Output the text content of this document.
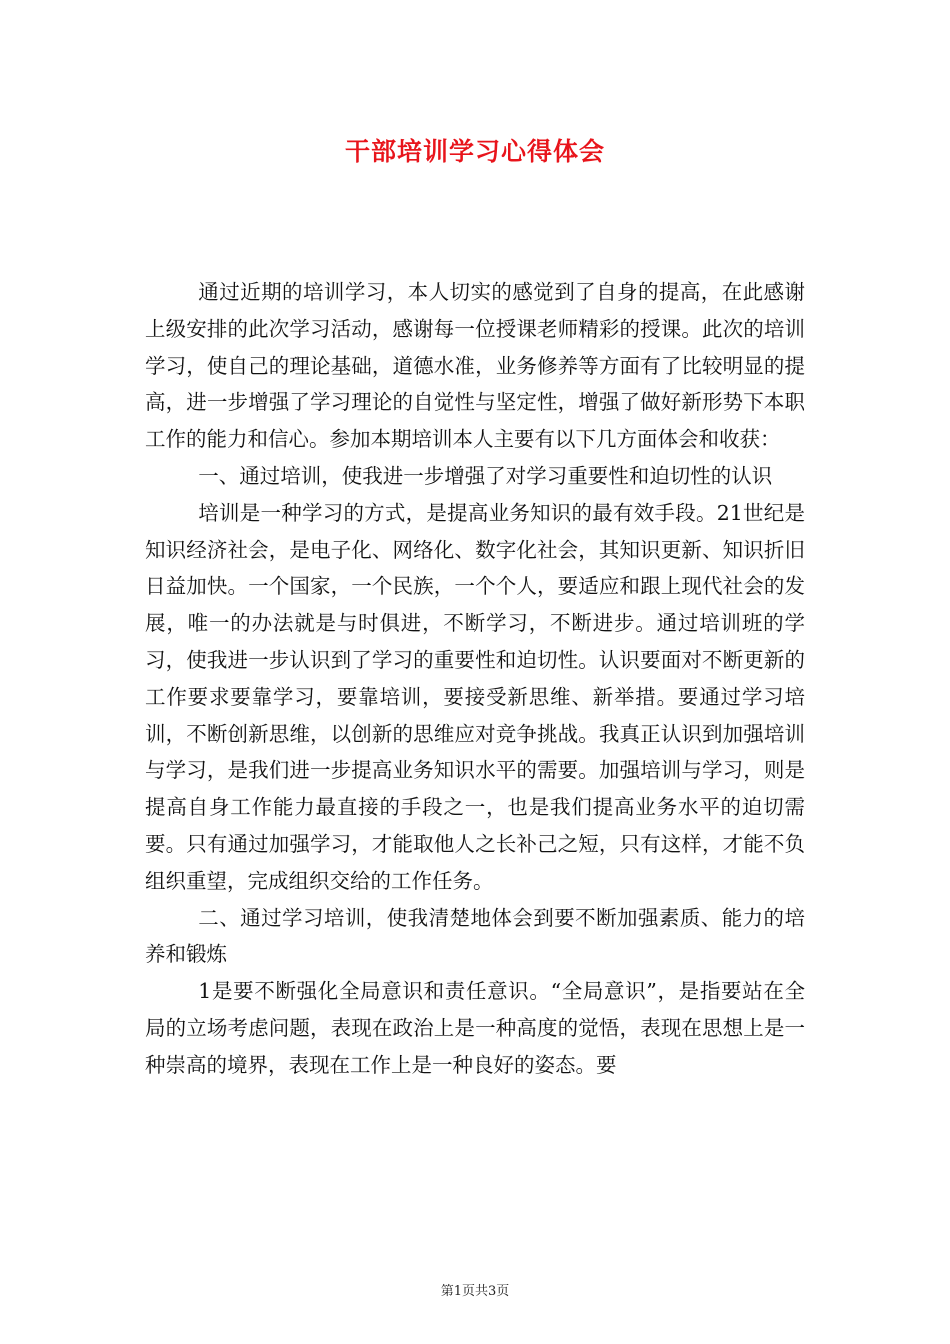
干部培训学习心得体会

通过近期的培训学习，本人切实的感觉到了自身的提高，在此感谢上级安排的此次学习活动，感谢每一位授课老师精彩的授课。此次的培训学习，使自己的理论基础，道德水准，业务修养等方面有了比较明显的提高，进一步增强了学习理论的自觉性与坚定性，增强了做好新形势下本职工作的能力和信心。参加本期培训本人主要有以下几方面体会和收获：

一、通过培训，使我进一步增强了对学习重要性和迫切性的认识

培训是一种学习的方式，是提高业务知识的最有效手段。21世纪是知识经济社会，是电子化、网络化、数字化社会，其知识更新、知识折旧日益加快。一个国家，一个民族，一个个人，要适应和跟上现代社会的发展，唯一的办法就是与时俱进，不断学习，不断进步。通过培训班的学习，使我进一步认识到了学习的重要性和迫切性。认识要面对不断更新的工作要求要靠学习，要靠培训，要接受新思维、新举措。要通过学习培训，不断创新思维，以创新的思维应对竞争挑战。我真正认识到加强培训与学习，是我们进一步提高业务知识水平的需要。加强培训与学习，则是提高自身工作能力最直接的手段之一，也是我们提高业务水平的迫切需要。只有通过加强学习，才能取他人之长补己之短，只有这样，才能不负组织重望，完成组织交给的工作任务。

二、通过学习培训，使我清楚地体会到要不断加强素质、能力的培养和锻炼

1是要不断强化全局意识和责任意识。“全局意识”，是指要站在全局的立场考虑问题，表现在政治上是一种高度的觉悟，表现在思想上是一种崇高的境界，表现在工作上是一种良好的姿态。要

第1页共3页
